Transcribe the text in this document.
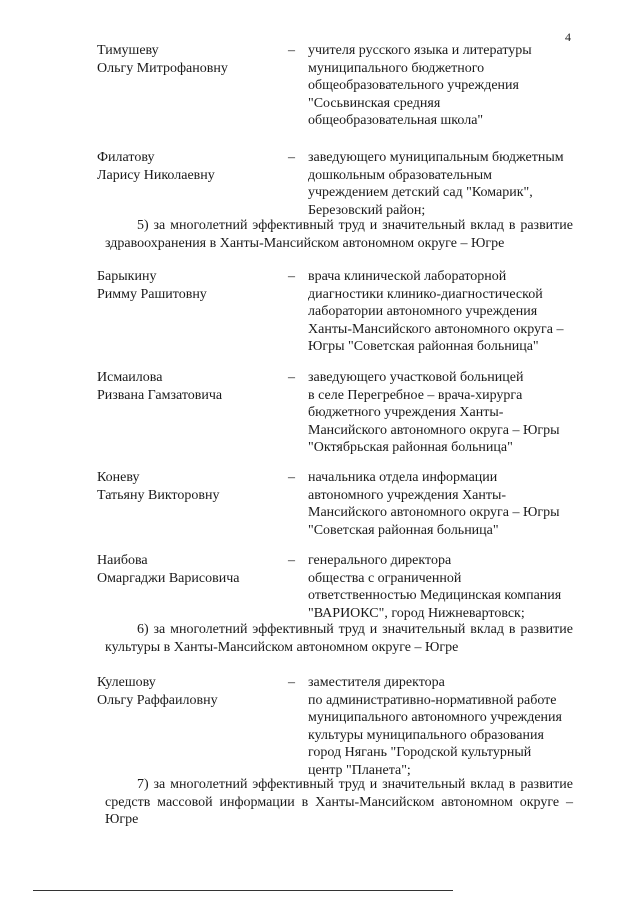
4
Тимушеву
Ольгу Митрофановну
– учителя русского языка и литературы
муниципального бюджетного
общеобразовательного учреждения
"Сосьвинская средняя
общеобразовательная школа"
Филатову
Ларису Николаевну
– заведующего муниципальным бюджетным
дошкольным образовательным
учреждением детский сад "Комарик",
Березовский район;
5) за многолетний эффективный труд и значительный вклад в развитие
здравоохранения в Ханты-Мансийском автономном округе – Югре
Барыкину
Римму Рашитовну
– врача клинической лабораторной
диагностики клинико-диагностической
лаборатории автономного учреждения
Ханты-Мансийского автономного округа –
Югры "Советская районная больница"
Исмаилова
Ризвана Гамзатовича
– заведующего участковой больницей
в селе Перегребное – врача-хирурга
бюджетного учреждения Ханты-
Мансийского автономного округа – Югры
"Октябрьская районная больница"
Коневу
Татьяну Викторовну
– начальника отдела информации
автономного учреждения Ханты-
Мансийского автономного округа – Югры
"Советская районная больница"
Наибова
Омаргаджи Варисовича
– генерального директора
общества с ограниченной
ответственностью Медицинская компания
"ВАРИОКС", город Нижневартовск;
6) за многолетний эффективный труд и значительный вклад в развитие
культуры в Ханты-Мансийском автономном округе – Югре
Кулешову
Ольгу Раффаиловну
– заместителя директора
по административно-нормативной работе
муниципального автономного учреждения
культуры муниципального образования
город Нягань "Городской культурный
центр "Планета";
7) за многолетний эффективный труд и значительный вклад в развитие
средств массовой информации в Ханты-Мансийском автономном округе –
Югре
